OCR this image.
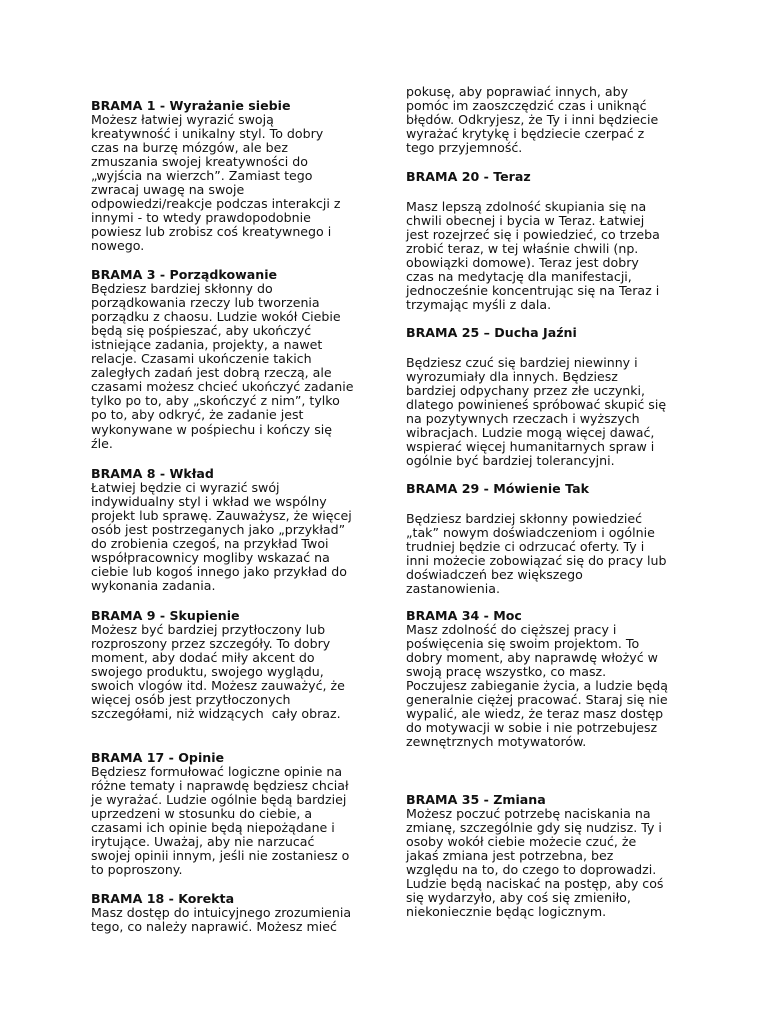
BRAMA 1 - Wyrażanie siebie
Możesz łatwiej wyrazić swoją
kreatywność i unikalny styl. To dobry
czas na burzę mózgów, ale bez
zmuszania swojej kreatywności do
„wyjścia na wierzch”. Zamiast tego
zwracaj uwagę na swoje
odpowiedzi/reakcje podczas interakcji z
innymi - to wtedy prawdopodobnie
powiesz lub zrobisz coś kreatywnego i
nowego.
BRAMA 3 - Porządkowanie
Będziesz bardziej skłonny do
porządkowania rzeczy lub tworzenia
porządku z chaosu. Ludzie wokół Ciebie
będą się pośpieszać, aby ukończyć
istniejące zadania, projekty, a nawet
relacje. Czasami ukończenie takich
zaległych zadań jest dobrą rzeczą, ale
czasami możesz chcieć ukończyć zadanie
tylko po to, aby „skończyć z nim”, tylko
po to, aby odkryć, że zadanie jest
wykonywane w pośpiechu i kończy się
źle.
BRAMA 8 - Wkład
Łatwiej będzie ci wyrazić swój
indywidualny styl i wkład we wspólny
projekt lub sprawę. Zauważysz, że więcej
osób jest postrzeganych jako „przykład”
do zrobienia czegoś, na przykład Twoi
współpracownicy mogliby wskazać na
ciebie lub kogoś innego jako przykład do
wykonania zadania.
BRAMA 9 - Skupienie
Możesz być bardziej przytłoczony lub
rozproszony przez szczegóły. To dobry
moment, aby dodać miły akcent do
swojego produktu, swojego wyglądu,
swoich vlogów itd. Możesz zauważyć, że
więcej osób jest przytłoczonych
szczegółami, niż widzących  cały obraz.
BRAMA 17 - Opinie
Będziesz formułować logiczne opinie na
różne tematy i naprawdę będziesz chciał
je wyrażać. Ludzie ogólnie będą bardziej
uprzedzeni w stosunku do ciebie, a
czasami ich opinie będą niepożądane i
irytujące. Uważaj, aby nie narzucać
swojej opinii innym, jeśli nie zostaniesz o
to poproszony.
BRAMA 18 - Korekta
Masz dostęp do intuicyjnego zrozumienia
tego, co należy naprawić. Możesz mieć
pokusę, aby poprawiać innych, aby
pomóc im zaoszczędzić czas i uniknąć
błędów. Odkryjesz, że Ty i inni będziecie
wyrażać krytykę i będziecie czerpać z
tego przyjemność.
BRAMA 20 - Teraz
Masz lepszą zdolność skupiania się na
chwili obecnej i bycia w Teraz. Łatwiej
jest rozejrzeć się i powiedzieć, co trzeba
zrobić teraz, w tej właśnie chwili (np.
obowiązki domowe). Teraz jest dobry
czas na medytację dla manifestacji,
jednocześnie koncentrując się na Teraz i
trzymając myśli z dala.
BRAMA 25 – Ducha Jaźni
Będziesz czuć się bardziej niewinny i
wyrozumiały dla innych. Będziesz
bardziej odpychany przez złe uczynki,
dlatego powinieneś spróbować skupić się
na pozytywnych rzeczach i wyższych
wibracjach. Ludzie mogą więcej dawać,
wspierać więcej humanitarnych spraw i
ogólnie być bardziej tolerancyjni.
BRAMA 29 - Mówienie Tak
Będziesz bardziej skłonny powiedzieć
„tak” nowym doświadczeniom i ogólnie
trudniej będzie ci odrzucać oferty. Ty i
inni możecie zobowiązać się do pracy lub
doświadczeń bez większego
zastanowienia.
BRAMA 34 - Moc
Masz zdolność do cięższej pracy i
poświęcenia się swoim projektom. To
dobry moment, aby naprawdę włożyć w
swoją pracę wszystko, co masz.
Poczujesz zabieganie życia, a ludzie będą
generalnie ciężej pracować. Staraj się nie
wypalić, ale wiedz, że teraz masz dostęp
do motywacji w sobie i nie potrzebujesz
zewnętrznych motywatorów.
BRAMA 35 - Zmiana
Możesz poczuć potrzebę naciskania na
zmianę, szczególnie gdy się nudzisz. Ty i
osoby wokół ciebie możecie czuć, że
jakaś zmiana jest potrzebna, bez
względu na to, do czego to doprowadzi.
Ludzie będą naciskać na postęp, aby coś
się wydarzyło, aby coś się zmieniło,
niekoniecznie będąc logicznym.
